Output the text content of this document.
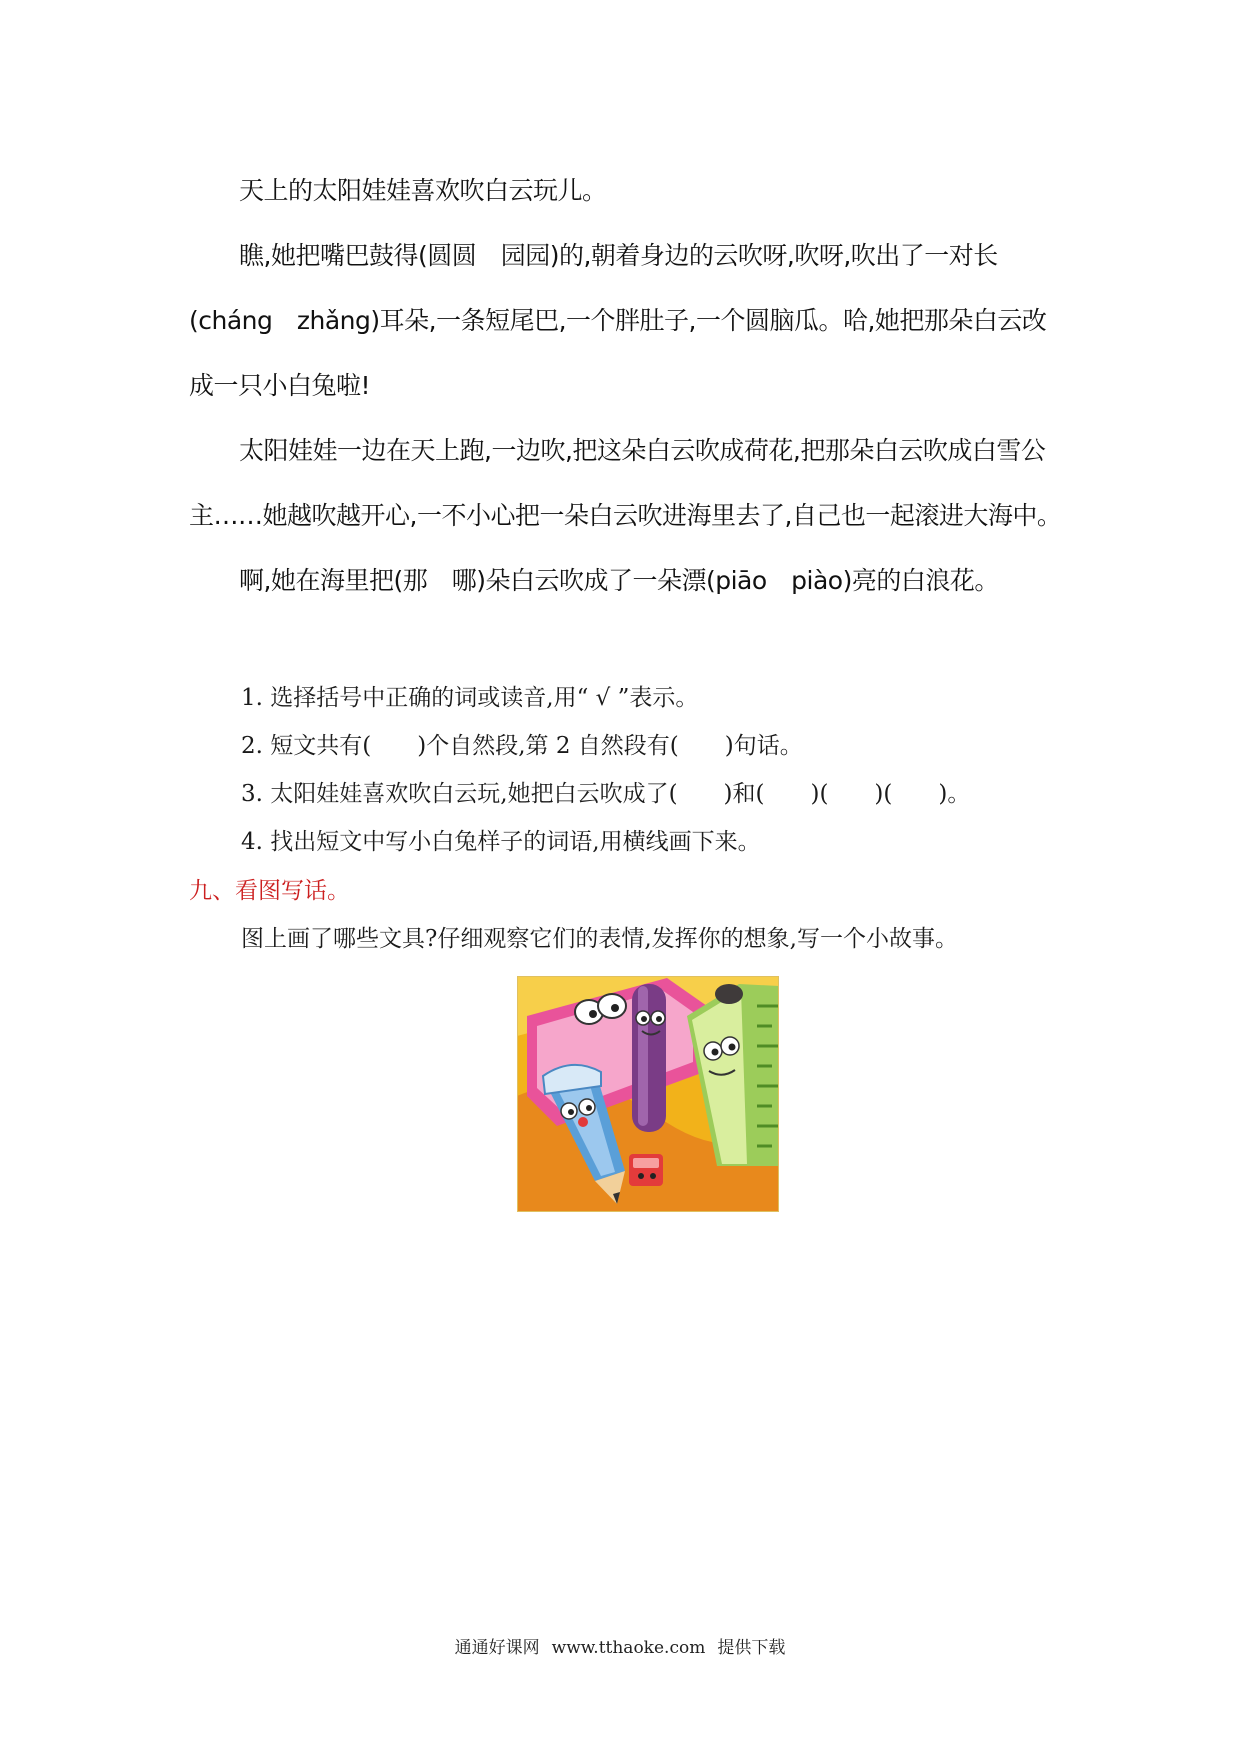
天上的太阳娃娃喜欢吹白云玩儿。

瞧,她把嘴巴鼓得(圆圆　园园)的,朝着身边的云吹呀,吹呀,吹出了一对长(cháng　zhǎng)耳朵,一条短尾巴,一个胖肚子,一个圆脑瓜。哈,她把那朵白云改成一只小白兔啦!

太阳娃娃一边在天上跑,一边吹,把这朵白云吹成荷花,把那朵白云吹成白雪公主……她越吹越开心,一不小心把一朵白云吹进海里去了,自己也一起滚进大海中。

啊,她在海里把(那　哪)朵白云吹成了一朵漂(piāo　piào)亮的白浪花。

1. 选择括号中正确的词或读音,用“ √ ”表示。
2. 短文共有(　　)个自然段,第 2 自然段有(　　)句话。
3. 太阳娃娃喜欢吹白云玩,她把白云吹成了(　　)和(　　)(　　)(　　)。
4. 找出短文中写小白兔样子的词语,用横线画下来。
九、看图写话。
图上画了哪些文具?仔细观察它们的表情,发挥你的想象,写一个小故事。
通通好课网 www.tthaoke.com 提供下载
